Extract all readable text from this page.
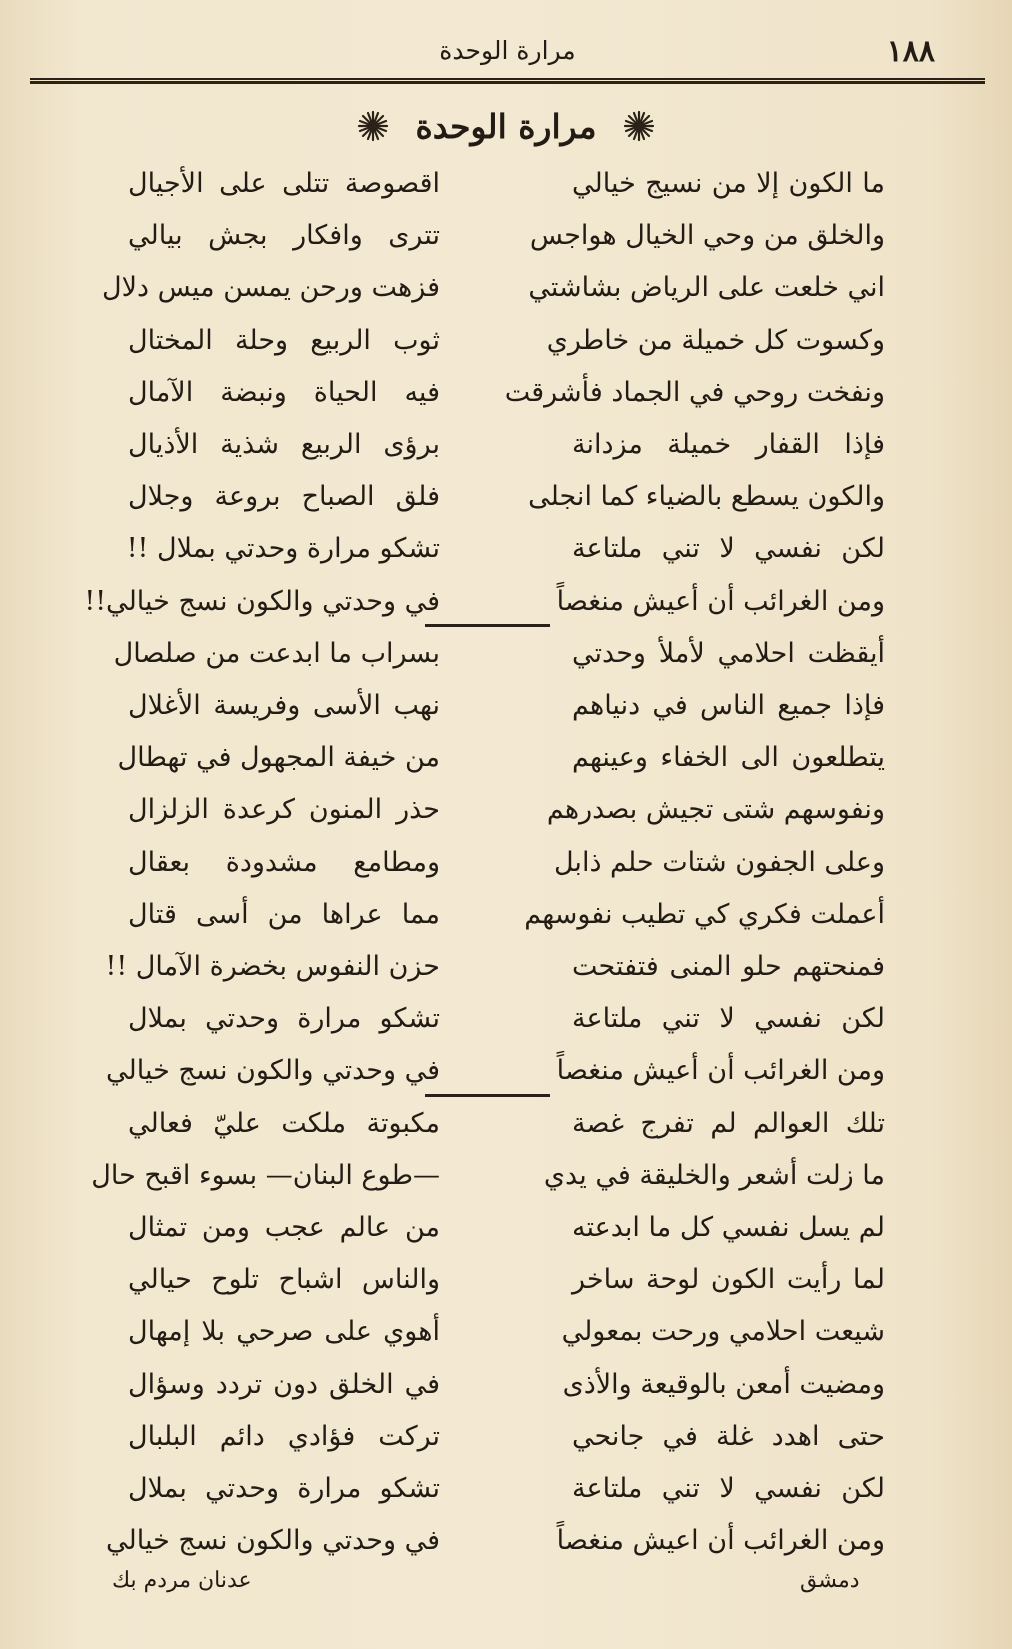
مرارة الوحدة	١٨٨
مرارة الوحدة
ما الكون إلا من نسيج خيالي
اقصوصة تتلى على الأجيال
والخلق من وحي الخيال هواجس
تترى وافكار بجش بيالي
اني خلعت على الرياض بشاشتي
فزهت ورحن يمسن ميس دلال
وكسوت كل خميلة من خاطري
ثوب الربيع وحلة المختال
ونفخت روحي في الجماد فأشرقت
فيه الحياة ونبضة الآمال
فإذا القفار خميلة مزدانة
برؤى الربيع شذية الأذيال
والكون يسطع بالضياء كما انجلى
فلق الصباح بروعة وجلال
لكن نفسي لا تني ملتاعة
تشكو مرارة وحدتي بملال !!
ومن الغرائب أن أعيش منغصاً
في وحدتي والكون نسج خيالي!!
أيقظت احلامي لأملأ وحدتي
بسراب ما ابدعت من صلصال
فإذا جميع الناس في دنياهم
نهب الأسى وفريسة الأغلال
يتطلعون الى الخفاء وعينهم
من خيفة المجهول في تهطال
ونفوسهم شتى تجيش بصدرهم
حذر المنون كرعدة الزلزال
وعلى الجفون شتات حلم ذابل
ومطامع مشدودة بعقال
أعملت فكري كي تطيب نفوسهم
مما عراها من أسى قتال
فمنحتهم حلو المنى فتفتحت
حزن النفوس بخضرة الآمال !!
لكن نفسي لا تني ملتاعة
تشكو مرارة وحدتي بملال
ومن الغرائب أن أعيش منغصاً
في وحدتي والكون نسج خيالي
تلك العوالم لم تفرج غصة
مكبوتة ملكت عليّ فعالي
ما زلت أشعر والخليقة في يدي
—طوع البنان— بسوء اقبح حال
لم يسل نفسي كل ما ابدعته
من عالم عجب ومن تمثال
لما رأيت الكون لوحة ساخر
والناس اشباح تلوح حيالي
شيعت احلامي ورحت بمعولي
أهوي على صرحي بلا إمهال
ومضيت أمعن بالوقيعة والأذى
في الخلق دون تردد وسؤال
حتى اهدد غلة في جانحي
تركت فؤادي دائم البلبال
لكن نفسي لا تني ملتاعة
تشكو مرارة وحدتي بملال
ومن الغرائب أن اعيش منغصاً
في وحدتي والكون نسج خيالي
دمشق
عدنان مردم بك
